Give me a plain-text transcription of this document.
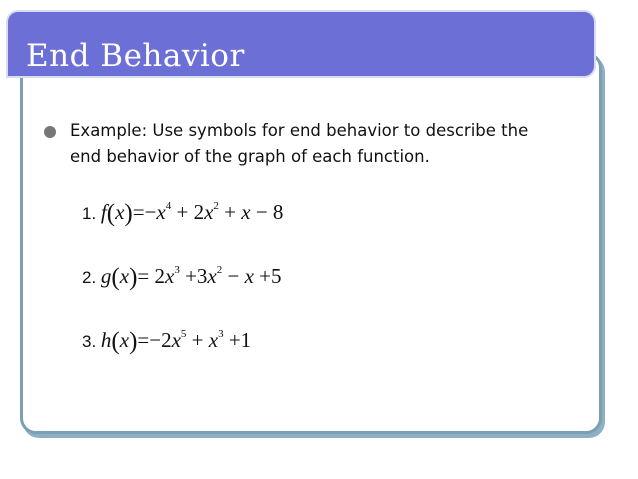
End Behavior
Example: Use symbols for end behavior to describe the
end behavior of the graph of each function.
1. $f(x)=-x^4 + 2x^2 + x - 8$
2. $g(x)= 2x^3 +3x^2 - x +5$
3. $h(x)=-2x^5 + x^3 +1$
